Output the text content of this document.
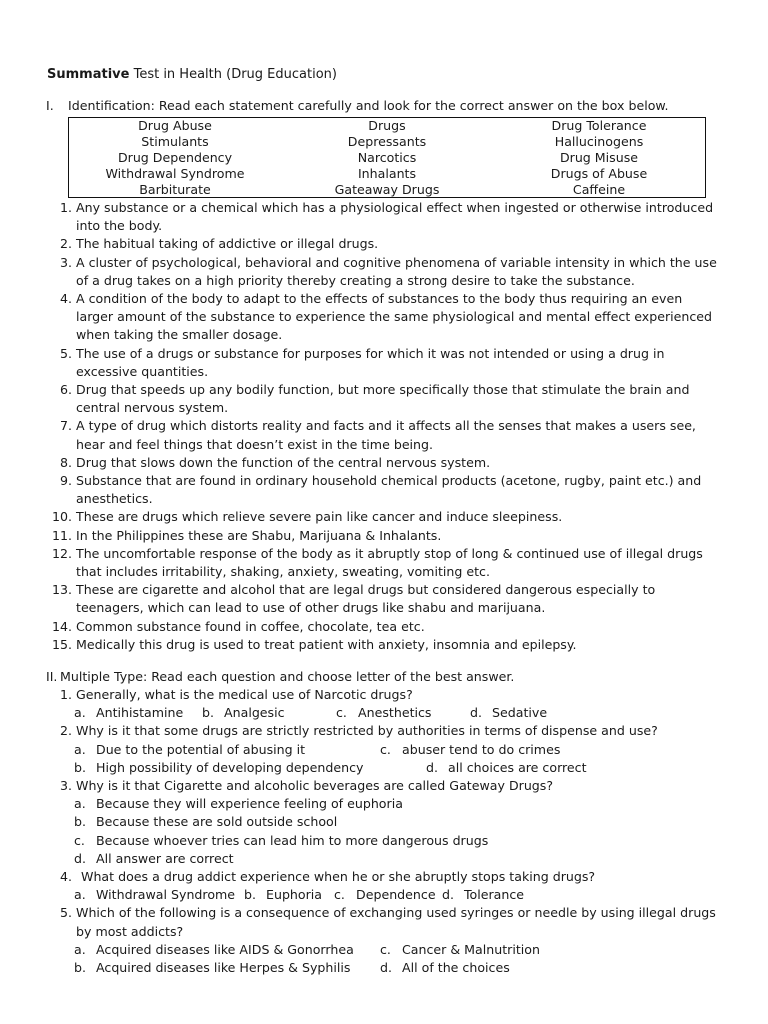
Summative Test in Health (Drug Education)
I. Identification: Read each statement carefully and look for the correct answer on the box below.
Drug Abuse	Drugs	Drug Tolerance
Stimulants	Depressants	Hallucinogens
Drug Dependency	Narcotics	Drug Misuse
Withdrawal Syndrome	Inhalants	Drugs of Abuse
Barbiturate	Gateaway Drugs	Caffeine
1. Any substance or a chemical which has a physiological effect when ingested or otherwise introduced into the body.
2. The habitual taking of addictive or illegal drugs.
3. A cluster of psychological, behavioral and cognitive phenomena of variable intensity in which the use of a drug takes on a high priority thereby creating a strong desire to take the substance.
4. A condition of the body to adapt to the effects of substances to the body thus requiring an even larger amount of the substance to experience the same physiological and mental effect experienced when taking the smaller dosage.
5. The use of a drugs or substance for purposes for which it was not intended or using a drug in excessive quantities.
6. Drug that speeds up any bodily function, but more specifically those that stimulate the brain and central nervous system.
7. A type of drug which distorts reality and facts and it affects all the senses that makes a users see, hear and feel things that doesn’t exist in the time being.
8. Drug that slows down the function of the central nervous system.
9. Substance that are found in ordinary household chemical products (acetone, rugby, paint etc.) and anesthetics.
10. These are drugs which relieve severe pain like cancer and induce sleepiness.
11. In the Philippines these are Shabu, Marijuana & Inhalants.
12. The uncomfortable response of the body as it abruptly stop of long & continued use of illegal drugs that includes irritability, shaking, anxiety, sweating, vomiting etc.
13. These are cigarette and alcohol that are legal drugs but considered dangerous especially to teenagers, which can lead to use of other drugs like shabu and marijuana.
14. Common substance found in coffee, chocolate, tea etc.
15. Medically this drug is used to treat patient with anxiety, insomnia and epilepsy.
II. Multiple Type: Read each question and choose letter of the best answer.
1. Generally, what is the medical use of Narcotic drugs?
a. Antihistamine b. Analgesic	c. Anesthetics	d. Sedative
2. Why is it that some drugs are strictly restricted by authorities in terms of dispense and use?
a. Due to the potential of abusing it	c. abuser tend to do crimes
b. High possibility of developing dependency	d. all choices are correct
3. Why is it that Cigarette and alcoholic beverages are called Gateway Drugs?
a. Because they will experience feeling of euphoria
b. Because these are sold outside school
c. Because whoever tries can lead him to more dangerous drugs
d. All answer are correct
4. What does a drug addict experience when he or she abruptly stops taking drugs?
a. Withdrawal Syndrome b. Euphoria c. Dependence d. Tolerance
5. Which of the following is a consequence of exchanging used syringes or needle by using illegal drugs by most addicts?
a. Acquired diseases like AIDS & Gonorrhea c. Cancer & Malnutrition
b. Acquired diseases like Herpes & Syphilis d. All of the choices
